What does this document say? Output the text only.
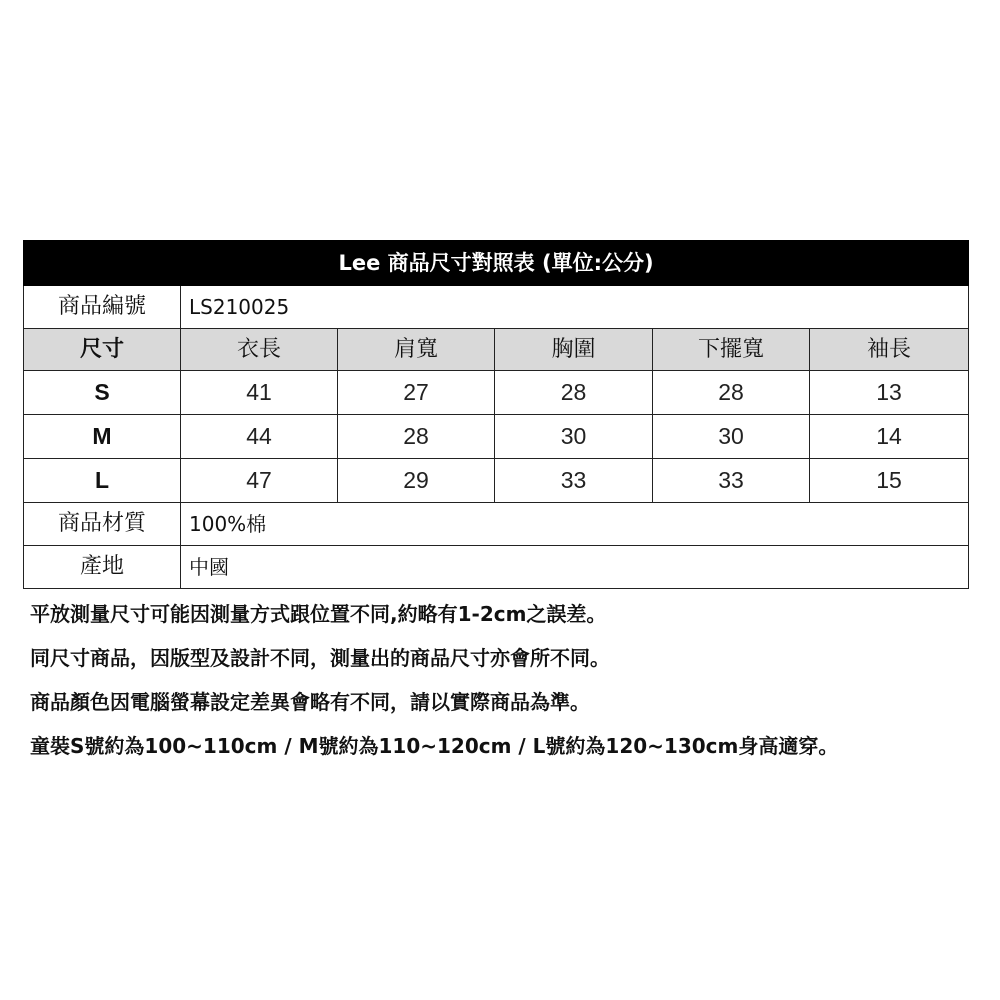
Lee 商品尺寸對照表 (單位:公分)					
商品編號	LS210025				
尺寸	衣長	肩寬	胸圍	下擺寬	袖長
S	41	27	28	28	13
M	44	28	30	30	14
L	47	29	33	33	15
商品材質	100%棉				
產地	中國				

平放測量尺寸可能因測量方式跟位置不同,約略有1-2cm之誤差。

同尺寸商品，因版型及設計不同，測量出的商品尺寸亦會所不同。

商品顏色因電腦螢幕設定差異會略有不同，請以實際商品為準。

童裝S號約為100~110cm / M號約為110~120cm / L號約為120~130cm身高適穿。
